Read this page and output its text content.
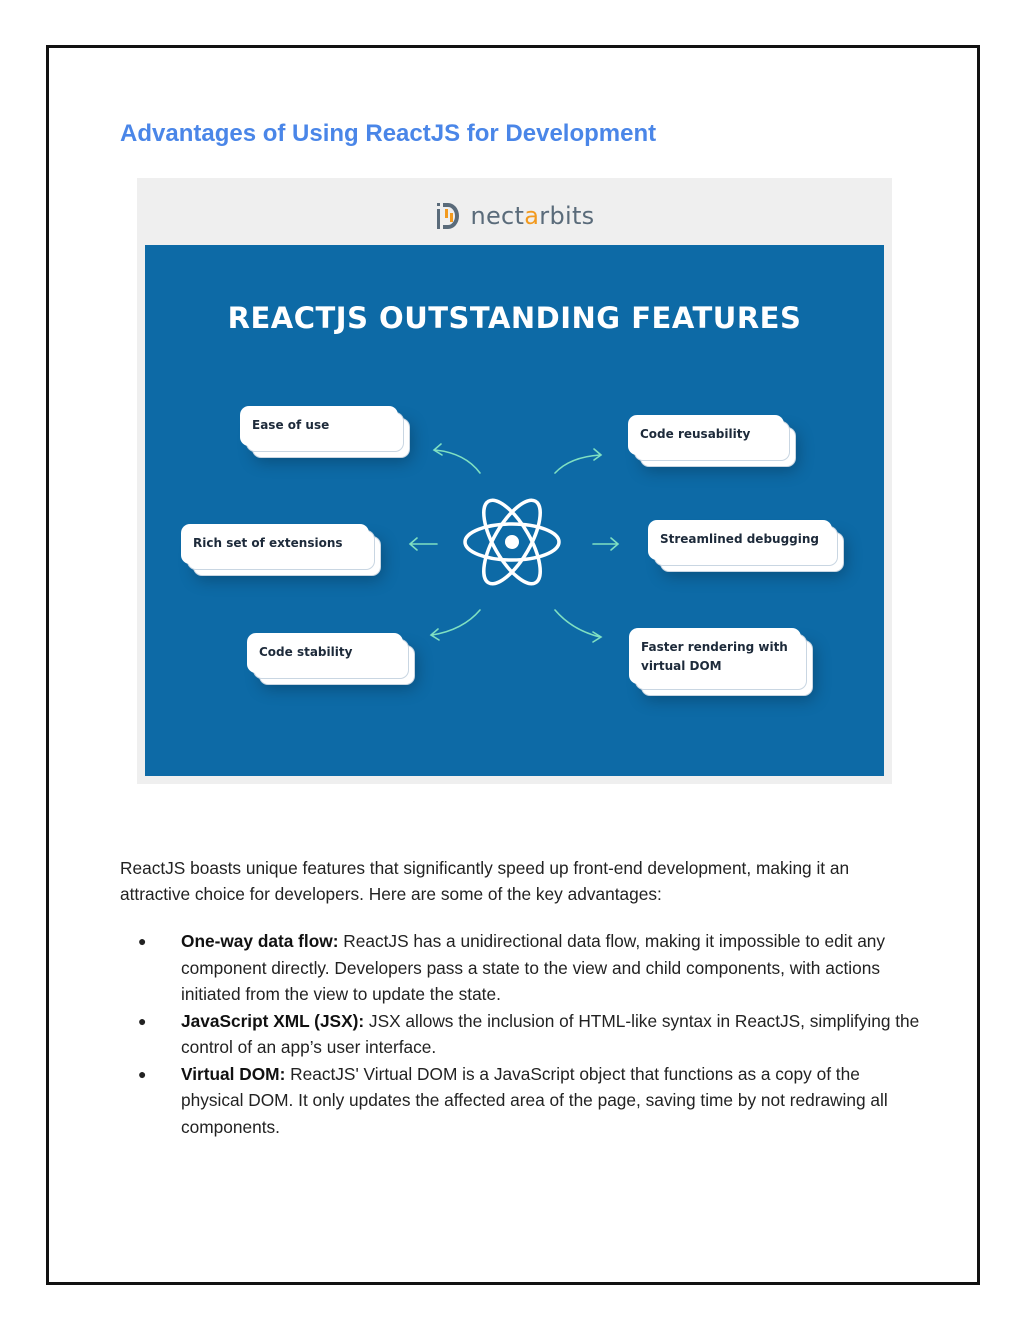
Advantages of Using ReactJS for Development
nectarbits
REACTJS OUTSTANDING FEATURES
Ease of use
Code reusability
Rich set of extensions	Streamlined debugging
Code stability	Faster rendering with virtual DOM

ReactJS boasts unique features that significantly speed up front-end development, making it an attractive choice for developers. Here are some of the key advantages:

● One-way data flow: ReactJS has a unidirectional data flow, making it impossible to edit any component directly. Developers pass a state to the view and child components, with actions initiated from the view to update the state.
● JavaScript XML (JSX): JSX allows the inclusion of HTML-like syntax in ReactJS, simplifying the control of an app’s user interface.
● Virtual DOM: ReactJS' Virtual DOM is a JavaScript object that functions as a copy of the physical DOM. It only updates the affected area of the page, saving time by not redrawing all components.
